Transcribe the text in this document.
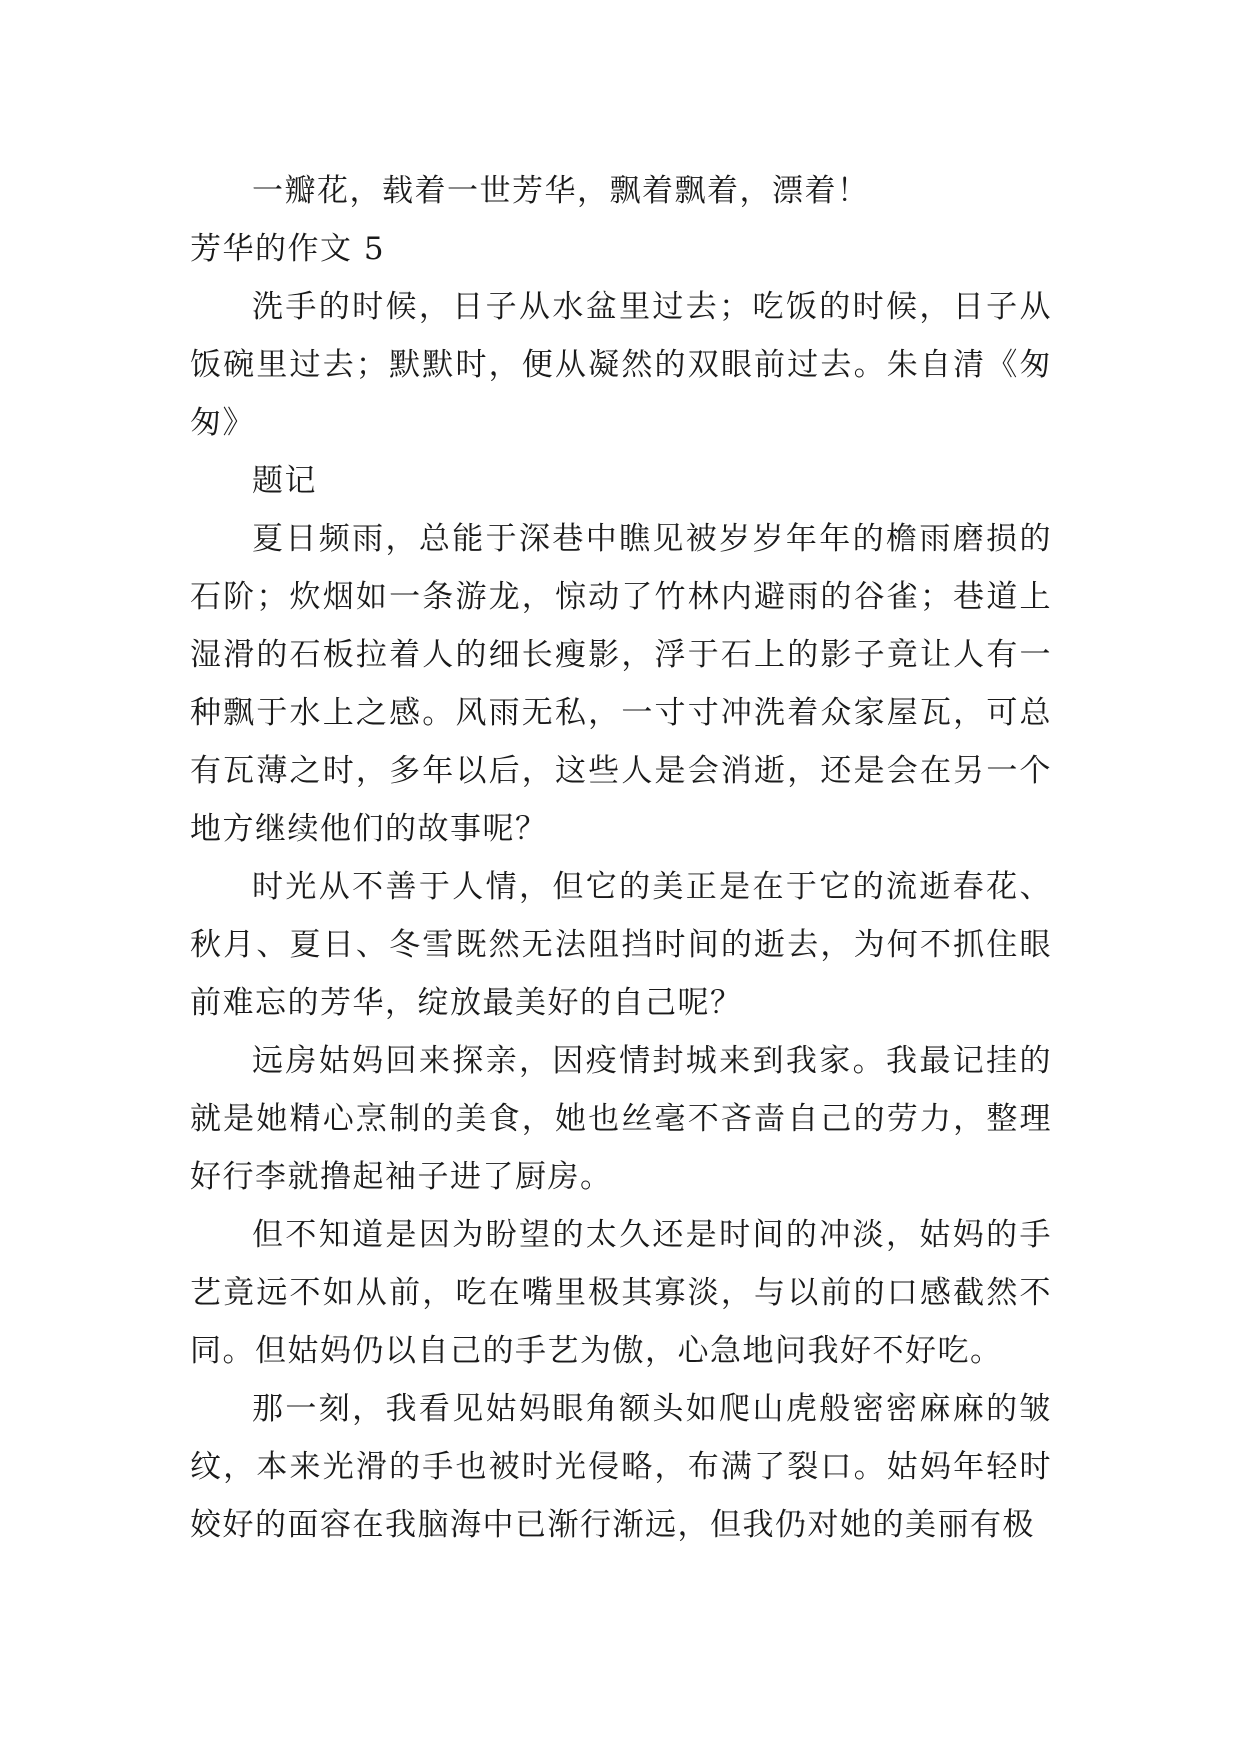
一瓣花，载着一世芳华，飘着飘着，漂着！

芳华的作文 5

洗手的时候，日子从水盆里过去；吃饭的时候，日子从饭碗里过去；默默时，便从凝然的双眼前过去。朱自清《匆匆》

题记

夏日频雨，总能于深巷中瞧见被岁岁年年的檐雨磨损的石阶；炊烟如一条游龙，惊动了竹林内避雨的谷雀；巷道上湿滑的石板拉着人的细长瘦影，浮于石上的影子竟让人有一种飘于水上之感。风雨无私，一寸寸冲洗着众家屋瓦，可总有瓦薄之时，多年以后，这些人是会消逝，还是会在另一个地方继续他们的故事呢？

时光从不善于人情，但它的美正是在于它的流逝春花、秋月、夏日、冬雪既然无法阻挡时间的逝去，为何不抓住眼前难忘的芳华，绽放最美好的自己呢？

远房姑妈回来探亲，因疫情封城来到我家。我最记挂的就是她精心烹制的美食，她也丝毫不吝啬自己的劳力，整理好行李就撸起袖子进了厨房。

但不知道是因为盼望的太久还是时间的冲淡，姑妈的手艺竟远不如从前，吃在嘴里极其寡淡，与以前的口感截然不同。但姑妈仍以自己的手艺为傲，心急地问我好不好吃。

那一刻，我看见姑妈眼角额头如爬山虎般密密麻麻的皱纹，本来光滑的手也被时光侵略，布满了裂口。姑妈年轻时姣好的面容在我脑海中已渐行渐远，但我仍对她的美丽有极
